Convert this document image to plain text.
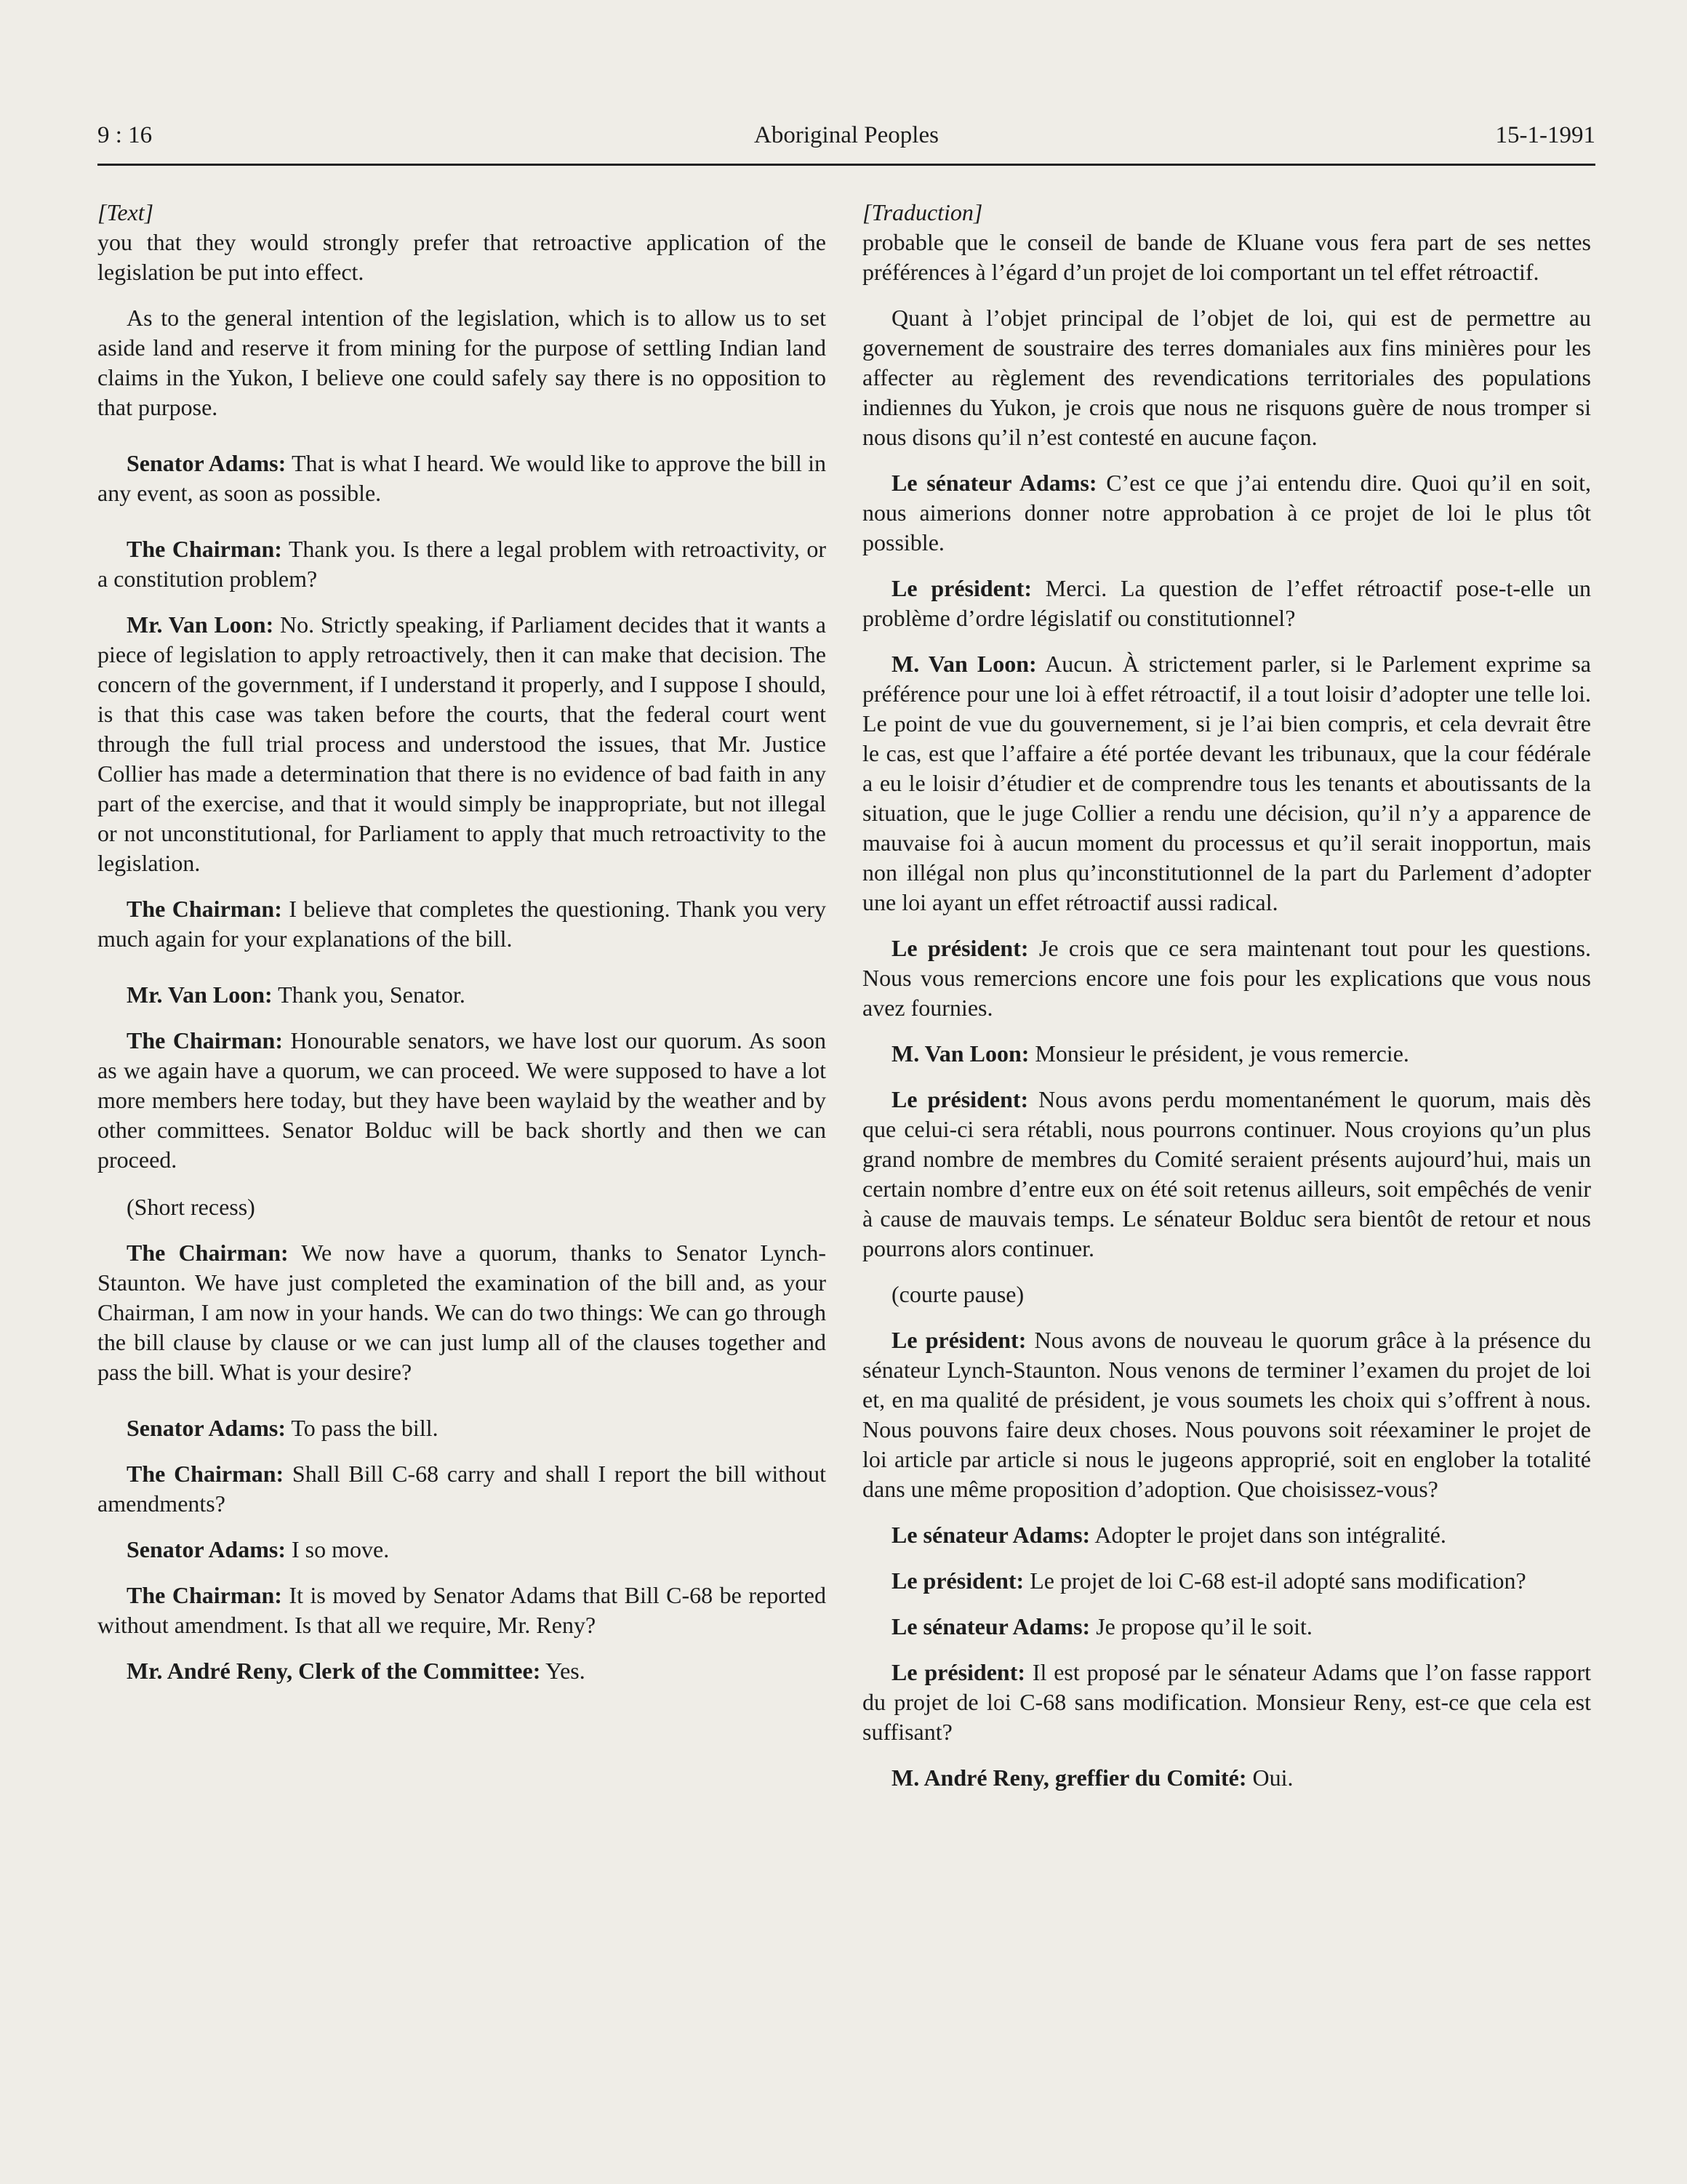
9 : 16	Aboriginal Peoples	15-1-1991

[Text]

you that they would strongly prefer that retroactive application of the legislation be put into effect.

As to the general intention of the legislation, which is to allow us to set aside land and reserve it from mining for the purpose of settling Indian land claims in the Yukon, I believe one could safely say there is no opposition to that purpose.

Senator Adams: That is what I heard. We would like to approve the bill in any event, as soon as possible.

The Chairman: Thank you. Is there a legal problem with retroactivity, or a constitution problem?

Mr. Van Loon: No. Strictly speaking, if Parliament decides that it wants a piece of legislation to apply retroactively, then it can make that decision. The concern of the government, if I understand it properly, and I suppose I should, is that this case was taken before the courts, that the federal court went through the full trial process and understood the issues, that Mr. Justice Collier has made a determination that there is no evidence of bad faith in any part of the exercise, and that it would simply be inappropriate, but not illegal or not unconstitutional, for Parliament to apply that much retroactivity to the legislation.

The Chairman: I believe that completes the questioning. Thank you very much again for your explanations of the bill.

Mr. Van Loon: Thank you, Senator.

The Chairman: Honourable senators, we have lost our quorum. As soon as we again have a quorum, we can proceed. We were supposed to have a lot more members here today, but they have been waylaid by the weather and by other committees. Senator Bolduc will be back shortly and then we can proceed.

(Short recess)

The Chairman: We now have a quorum, thanks to Senator Lynch-Staunton. We have just completed the examination of the bill and, as your Chairman, I am now in your hands. We can do two things: We can go through the bill clause by clause or we can just lump all of the clauses together and pass the bill. What is your desire?

Senator Adams: To pass the bill.

The Chairman: Shall Bill C-68 carry and shall I report the bill without amendments?

Senator Adams: I so move.

The Chairman: It is moved by Senator Adams that Bill C-68 be reported without amendment. Is that all we require, Mr. Reny?

Mr. André Reny, Clerk of the Committee: Yes.

[Traduction]

probable que le conseil de bande de Kluane vous fera part de ses nettes préférences à l’égard d’un projet de loi comportant un tel effet rétroactif.

Quant à l’objet principal de l’objet de loi, qui est de permettre au governement de soustraire des terres domaniales aux fins minières pour les affecter au règlement des revendications territoriales des populations indiennes du Yukon, je crois que nous ne risquons guère de nous tromper si nous disons qu’il n’est contesté en aucune façon.

Le sénateur Adams: C’est ce que j’ai entendu dire. Quoi qu’il en soit, nous aimerions donner notre approbation à ce projet de loi le plus tôt possible.

Le président: Merci. La question de l’effet rétroactif pose-t-elle un problème d’ordre législatif ou constitutionnel?

M. Van Loon: Aucun. À strictement parler, si le Parlement exprime sa préférence pour une loi à effet rétroactif, il a tout loisir d’adopter une telle loi. Le point de vue du gouvernement, si je l’ai bien compris, et cela devrait être le cas, est que l’affaire a été portée devant les tribunaux, que la cour fédérale a eu le loisir d’étudier et de comprendre tous les tenants et aboutissants de la situation, que le juge Collier a rendu une décision, qu’il n’y a apparence de mauvaise foi à aucun moment du processus et qu’il serait inopportun, mais non illégal non plus qu’inconstitutionnel de la part du Parlement d’adopter une loi ayant un effet rétroactif aussi radical.

Le président: Je crois que ce sera maintenant tout pour les questions. Nous vous remercions encore une fois pour les explications que vous nous avez fournies.

M. Van Loon: Monsieur le président, je vous remercie.

Le président: Nous avons perdu momentanément le quorum, mais dès que celui-ci sera rétabli, nous pourrons continuer. Nous croyions qu’un plus grand nombre de membres du Comité seraient présents aujourd’hui, mais un certain nombre d’entre eux on été soit retenus ailleurs, soit empêchés de venir à cause de mauvais temps. Le sénateur Bolduc sera bientôt de retour et nous pourrons alors continuer.

(courte pause)

Le président: Nous avons de nouveau le quorum grâce à la présence du sénateur Lynch-Staunton. Nous venons de terminer l’examen du projet de loi et, en ma qualité de président, je vous soumets les choix qui s’offrent à nous. Nous pouvons faire deux choses. Nous pouvons soit réexaminer le projet de loi article par article si nous le jugeons approprié, soit en englober la totalité dans une même proposition d’adoption. Que choisissez-vous?

Le sénateur Adams: Adopter le projet dans son intégralité.

Le président: Le projet de loi C-68 est-il adopté sans modification?

Le sénateur Adams: Je propose qu’il le soit.

Le président: Il est proposé par le sénateur Adams que l’on fasse rapport du projet de loi C-68 sans modification. Monsieur Reny, est-ce que cela est suffisant?

M. André Reny, greffier du Comité: Oui.
